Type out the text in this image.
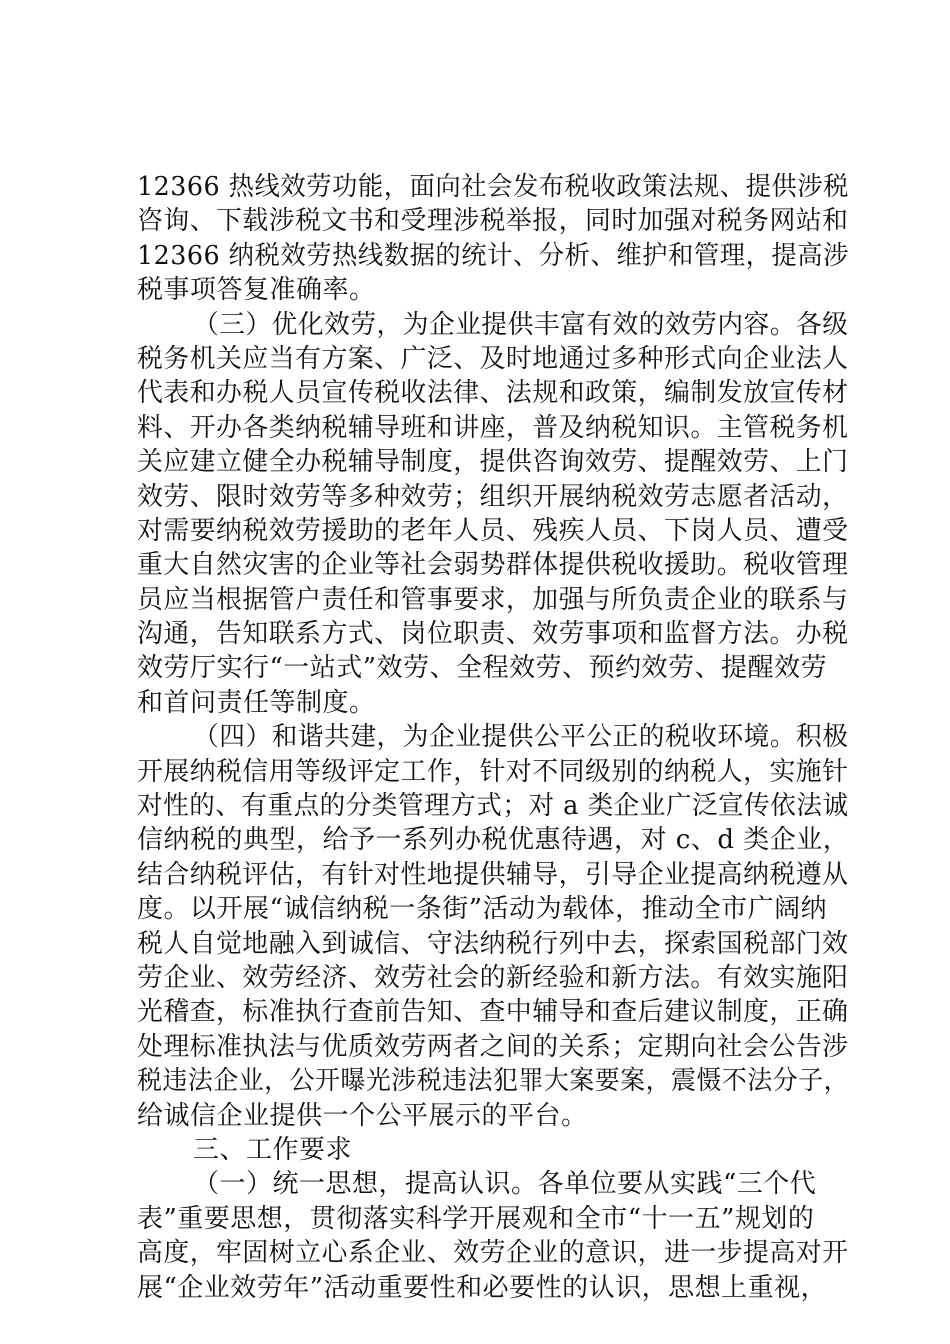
12366 热线效劳功能，面向社会发布税收政策法规、提供涉税
咨询、下载涉税文书和受理涉税举报，同时加强对税务网站和
12366 纳税效劳热线数据的统计、分析、维护和管理，提高涉
税事项答复准确率。
（三）优化效劳，为企业提供丰富有效的效劳内容。各级
税务机关应当有方案、广泛、及时地通过多种形式向企业法人
代表和办税人员宣传税收法律、法规和政策，编制发放宣传材
料、开办各类纳税辅导班和讲座，普及纳税知识。主管税务机
关应建立健全办税辅导制度，提供咨询效劳、提醒效劳、上门
效劳、限时效劳等多种效劳；组织开展纳税效劳志愿者活动，
对需要纳税效劳援助的老年人员、残疾人员、下岗人员、遭受
重大自然灾害的企业等社会弱势群体提供税收援助。税收管理
员应当根据管户责任和管事要求，加强与所负责企业的联系与
沟通，告知联系方式、岗位职责、效劳事项和监督方法。办税
效劳厅实行“一站式”效劳、全程效劳、预约效劳、提醒效劳
和首问责任等制度。
（四）和谐共建，为企业提供公平公正的税收环境。积极
开展纳税信用等级评定工作，针对不同级别的纳税人，实施针
对性的、有重点的分类管理方式；对 a 类企业广泛宣传依法诚
信纳税的典型，给予一系列办税优惠待遇，对 c、d 类企业，
结合纳税评估，有针对性地提供辅导，引导企业提高纳税遵从
度。以开展“诚信纳税一条街”活动为载体，推动全市广阔纳
税人自觉地融入到诚信、守法纳税行列中去，探索国税部门效
劳企业、效劳经济、效劳社会的新经验和新方法。有效实施阳
光稽查，标准执行查前告知、查中辅导和查后建议制度，正确
处理标准执法与优质效劳两者之间的关系；定期向社会公告涉
税违法企业，公开曝光涉税违法犯罪大案要案，震慑不法分子，
给诚信企业提供一个公平展示的平台。
三、工作要求
（一）统一思想，提高认识。各单位要从实践“三个代
表”重要思想，贯彻落实科学开展观和全市“十一五”规划的
高度，牢固树立心系企业、效劳企业的意识，进一步提高对开
展“企业效劳年”活动重要性和必要性的认识，思想上重视，
